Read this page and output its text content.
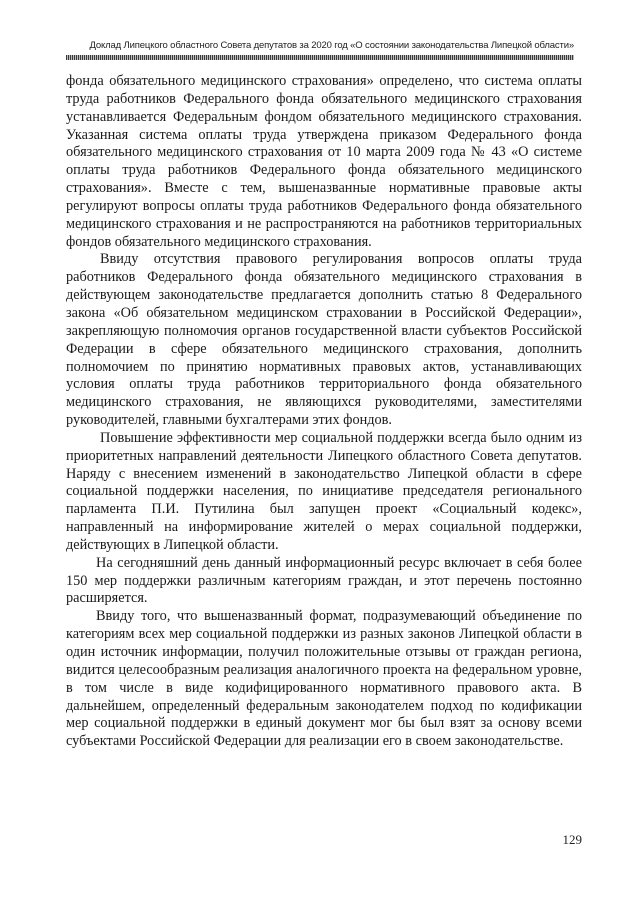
Доклад Липецкого областного Совета депутатов за 2020 год «О состоянии законодательства Липецкой области»

фонда обязательного медицинского страхования» определено, что система оплаты труда работников Федерального фонда обязательного медицинского страхования устанавливается Федеральным фондом обязательного медицинского страхования. Указанная система оплаты труда утверждена приказом Федерального фонда обязательного медицинского страхования от 10 марта 2009 года № 43 «О системе оплаты труда работников Федерального фонда обязательного медицинского страхования». Вместе с тем, вышеназванные нормативные правовые акты регулируют вопросы оплаты труда работников Федерального фонда обязательного медицинского страхования и не распространяются на работников территориальных фондов обязательного медицинского страхования.

Ввиду отсутствия правового регулирования вопросов оплаты труда работников Федерального фонда обязательного медицинского страхования в действующем законодательстве предлагается дополнить статью 8 Федерального закона «Об обязательном медицинском страховании в Российской Федерации», закрепляющую полномочия органов государственной власти субъектов Российской Федерации в сфере обязательного медицинского страхования, дополнить полномочием по принятию нормативных правовых актов, устанавливающих условия оплаты труда работников территориального фонда обязательного медицинского страхования, не являющихся руководителями, заместителями руководителей, главными бухгалтерами этих фондов.

Повышение эффективности мер социальной поддержки всегда было одним из приоритетных направлений деятельности Липецкого областного Совета депутатов. Наряду с внесением изменений в законодательство Липецкой области в сфере социальной поддержки населения, по инициативе председателя регионального парламента П.И. Путилина был запущен проект «Социальный кодекс», направленный на информирование жителей о мерах социальной поддержки, действующих в Липецкой области.

На сегодняшний день данный информационный ресурс включает в себя более 150 мер поддержки различным категориям граждан, и этот перечень постоянно расширяется.

Ввиду того, что вышеназванный формат, подразумевающий объединение по категориям всех мер социальной поддержки из разных законов Липецкой области в один источник информации, получил положительные отзывы от граждан региона, видится целесообразным реализация аналогичного проекта на федеральном уровне, в том числе в виде кодифицированного нормативного правового акта. В дальнейшем, определенный федеральным законодателем подход по кодификации мер социальной поддержки в единый документ мог бы был взят за основу всеми субъектами Российской Федерации для реализации его в своем законодательстве.

129
